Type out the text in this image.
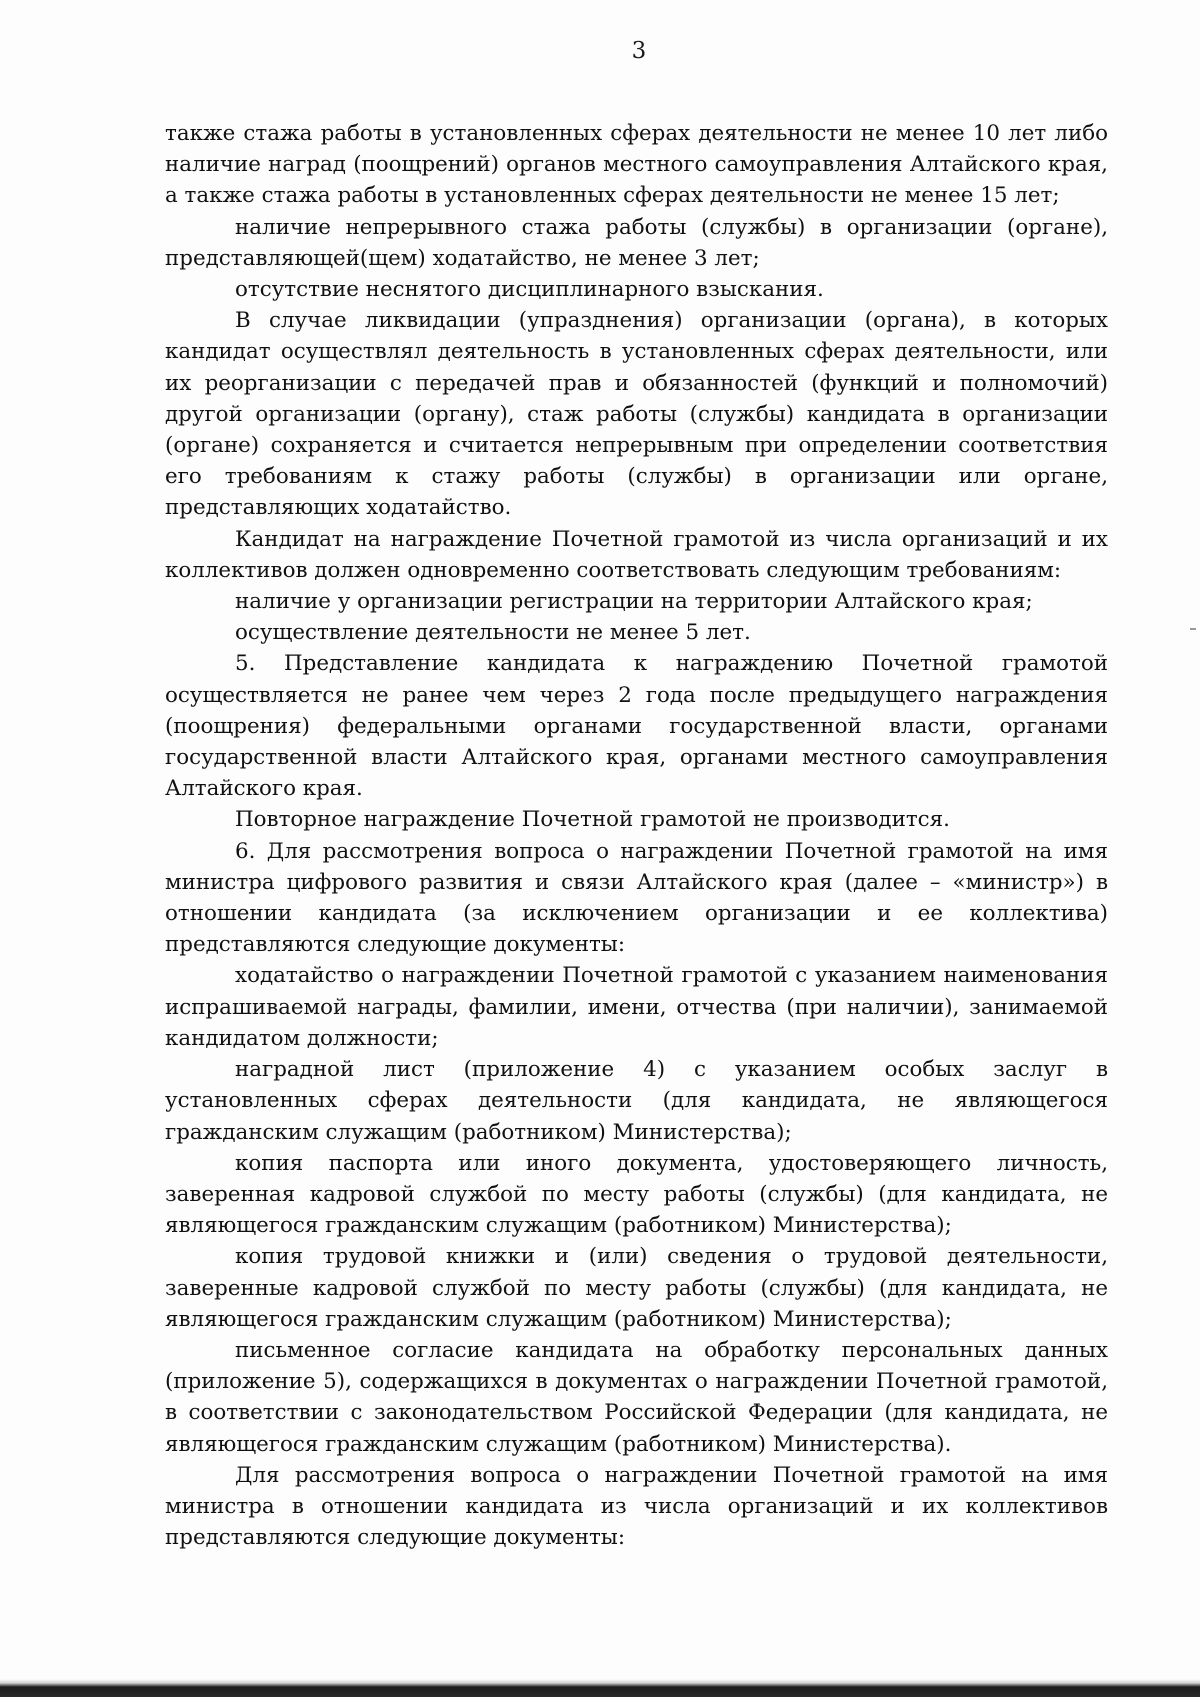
3

также стажа работы в установленных сферах деятельности не менее 10 лет либо наличие наград (поощрений) органов местного самоуправления Алтайского края, а также стажа работы в установленных сферах деятельности не менее 15 лет;

наличие непрерывного стажа работы (службы) в организации (органе), представляющей(щем) ходатайство, не менее 3 лет;

отсутствие неснятого дисциплинарного взыскания.

В случае ликвидации (упразднения) организации (органа), в которых кандидат осуществлял деятельность в установленных сферах деятельности, или их реорганизации с передачей прав и обязанностей (функций и полномочий) другой организации (органу), стаж работы (службы) кандидата в организации (органе) сохраняется и считается непрерывным при определении соответствия его требованиям к стажу работы (службы) в организации или органе, представляющих ходатайство.

Кандидат на награждение Почетной грамотой из числа организаций и их коллективов должен одновременно соответствовать следующим требованиям:

наличие у организации регистрации на территории Алтайского края;

осуществление деятельности не менее 5 лет.

5. Представление кандидата к награждению Почетной грамотой осуществляется не ранее чем через 2 года после предыдущего награждения (поощрения) федеральными органами государственной власти, органами государственной власти Алтайского края, органами местного самоуправления Алтайского края.

Повторное награждение Почетной грамотой не производится.

6. Для рассмотрения вопроса о награждении Почетной грамотой на имя министра цифрового развития и связи Алтайского края (далее – «министр») в отношении кандидата (за исключением организации и ее коллектива) представляются следующие документы:

ходатайство о награждении Почетной грамотой с указанием наименования испрашиваемой награды, фамилии, имени, отчества (при наличии), занимаемой кандидатом должности;

наградной лист (приложение 4) с указанием особых заслуг в установленных сферах деятельности (для кандидата, не являющегося гражданским служащим (работником) Министерства);

копия паспорта или иного документа, удостоверяющего личность, заверенная кадровой службой по месту работы (службы) (для кандидата, не являющегося гражданским служащим (работником) Министерства);

копия трудовой книжки и (или) сведения о трудовой деятельности, заверенные кадровой службой по месту работы (службы) (для кандидата, не являющегося гражданским служащим (работником) Министерства);

письменное согласие кандидата на обработку персональных данных (приложение 5), содержащихся в документах о награждении Почетной грамотой, в соответствии с законодательством Российской Федерации (для кандидата, не являющегося гражданским служащим (работником) Министерства).

Для рассмотрения вопроса о награждении Почетной грамотой на имя министра в отношении кандидата из числа организаций и их коллективов представляются следующие документы:
